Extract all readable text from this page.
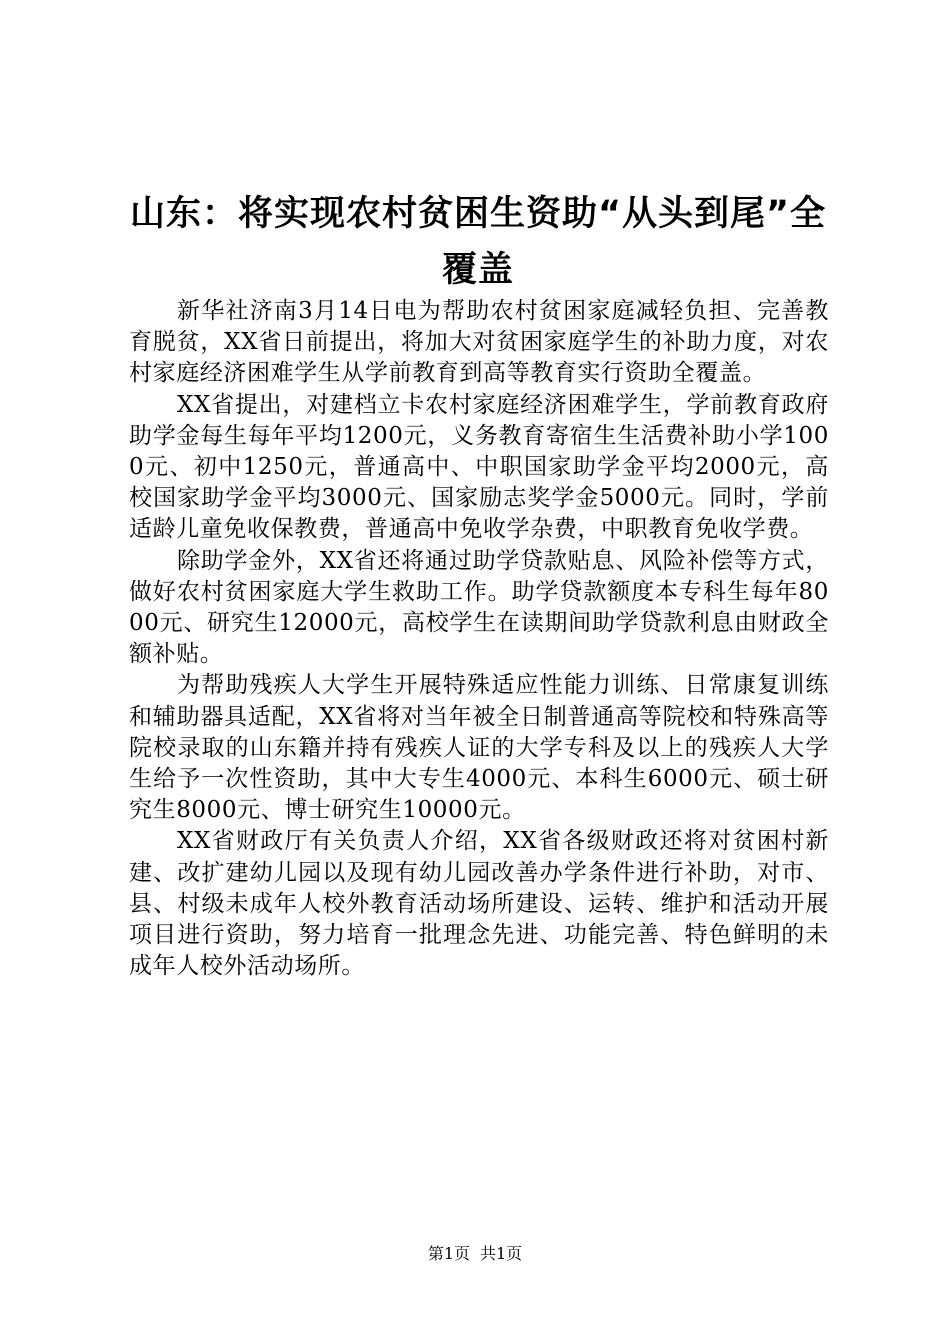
山东：将实现农村贫困生资助“从头到尾”全覆盖

新华社济南3月14日电为帮助农村贫困家庭减轻负担、完善教育脱贫，XX省日前提出，将加大对贫困家庭学生的补助力度，对农村家庭经济困难学生从学前教育到高等教育实行资助全覆盖。

XX省提出，对建档立卡农村家庭经济困难学生，学前教育政府助学金每生每年平均1200元，义务教育寄宿生生活费补助小学1000元、初中1250元，普通高中、中职国家助学金平均2000元，高校国家助学金平均3000元、国家励志奖学金5000元。同时，学前适龄儿童免收保教费，普通高中免收学杂费，中职教育免收学费。

除助学金外，XX省还将通过助学贷款贴息、风险补偿等方式，做好农村贫困家庭大学生救助工作。助学贷款额度本专科生每年8000元、研究生12000元，高校学生在读期间助学贷款利息由财政全额补贴。

为帮助残疾人大学生开展特殊适应性能力训练、日常康复训练和辅助器具适配，XX省将对当年被全日制普通高等院校和特殊高等院校录取的山东籍并持有残疾人证的大学专科及以上的残疾人大学生给予一次性资助，其中大专生4000元、本科生6000元、硕士研究生8000元、博士研究生10000元。

XX省财政厅有关负责人介绍，XX省各级财政还将对贫困村新建、改扩建幼儿园以及现有幼儿园改善办学条件进行补助，对市、县、村级未成年人校外教育活动场所建设、运转、维护和活动开展项目进行资助，努力培育一批理念先进、功能完善、特色鲜明的未成年人校外活动场所。

第1页 共1页
